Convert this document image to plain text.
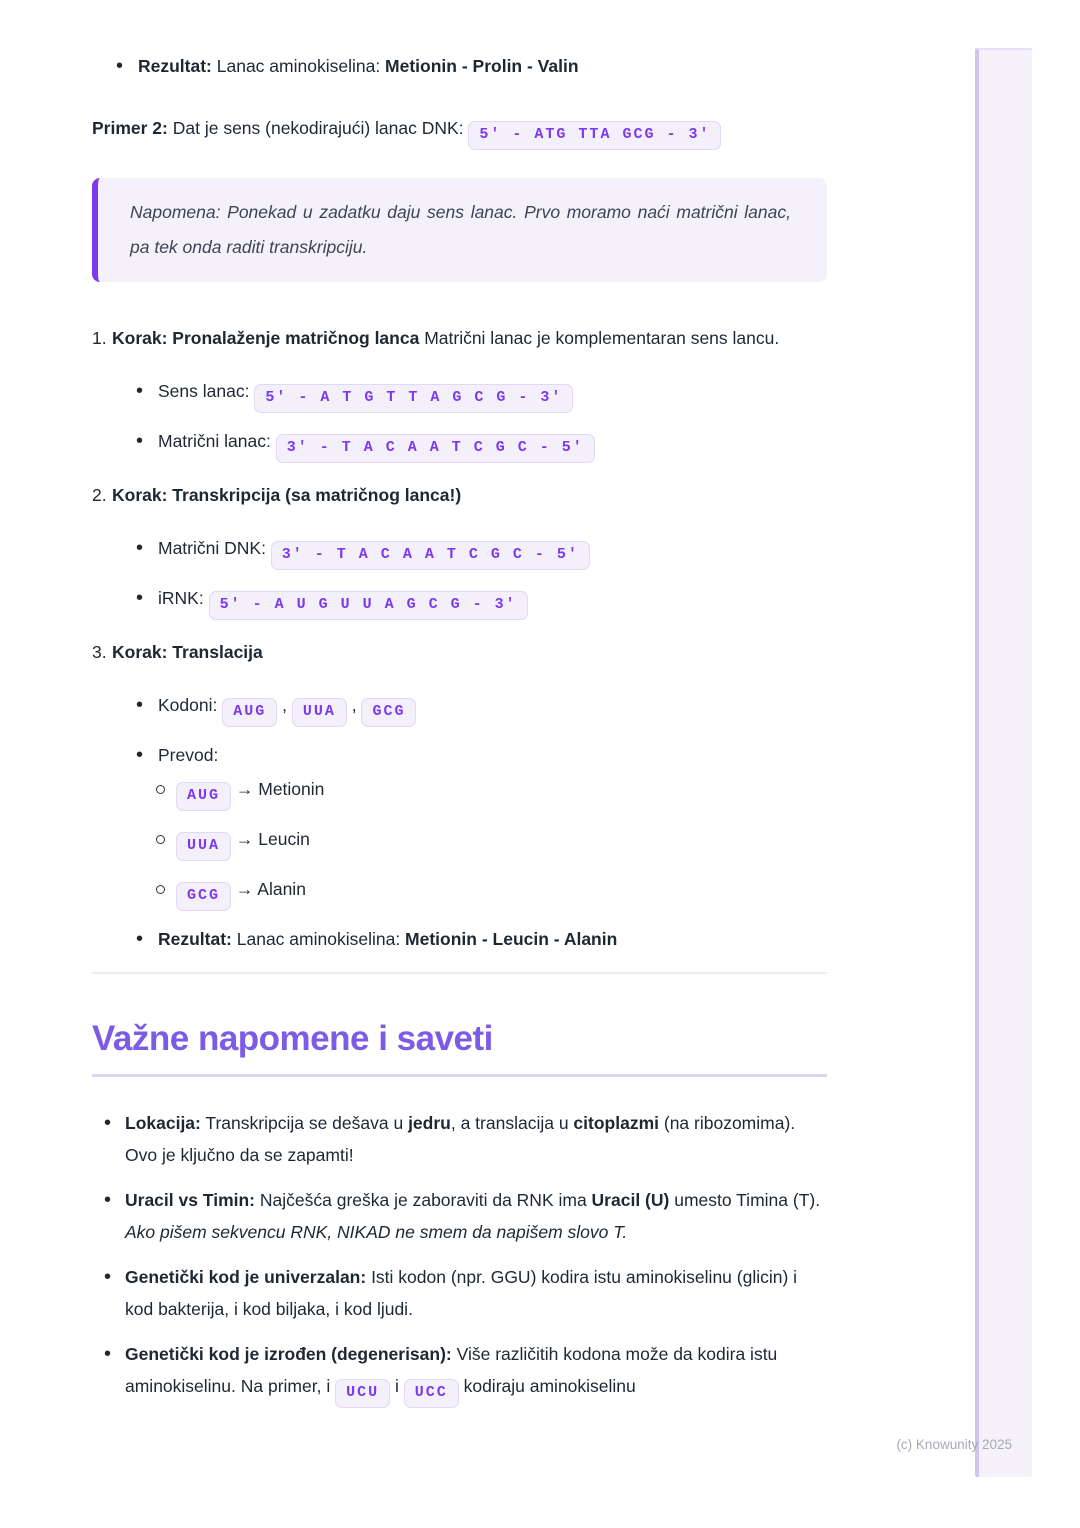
• Rezultat: Lanac aminokiselina: Metionin - Prolin - Valin

Primer 2: Dat je sens (nekodirajući) lanac DNK: 5' - ATG TTA GCG - 3'

Napomena: Ponekad u zadatku daju sens lanac. Prvo moramo naći matrični lanac, pa tek onda raditi transkripciju.

Korak: Pronalaženje matričnog lanca Matrični lanac je komplementaran sens lancu.

• Sens lanac: 5' - A T G T T A G C G - 3'
• Matrični lanac: 3' - T A C A A T C G C - 5'

Korak: Transkripcija (sa matričnog lanca!)

• Matrični DNK: 3' - T A C A A T C G C - 5'
• iRNK: 5' - A U G U U A G C G - 3'

Korak: Translacija

• Kodoni: AUG , UUA , GCG
• Prevod:
AUG → Metionin
UUA → Leucin
GCG → Alanin
• Rezultat: Lanac aminokiselina: Metionin - Leucin - Alanin
Važne napomene i saveti
• Lokacija: Transkripcija se dešava u jedru, a translacija u citoplazmi (na ribozomima). Ovo je ključno da se zapamti!
• Uracil vs Timin: Najčešća greška je zaboraviti da RNK ima Uracil (U) umesto Timina (T). Ako pišem sekvencu RNK, NIKAD ne smem da napišem slovo T.
• Genetički kod je univerzalan: Isti kodon (npr. GGU) kodira istu aminokiselinu (glicin) i kod bakterija, i kod biljaka, i kod ljudi.
• Genetički kod je izrođen (degenerisan): Više različitih kodona može da kodira istu aminokiselinu. Na primer, i UCU i UCC kodiraju aminokiselinu
(c) Knowunity 2025
